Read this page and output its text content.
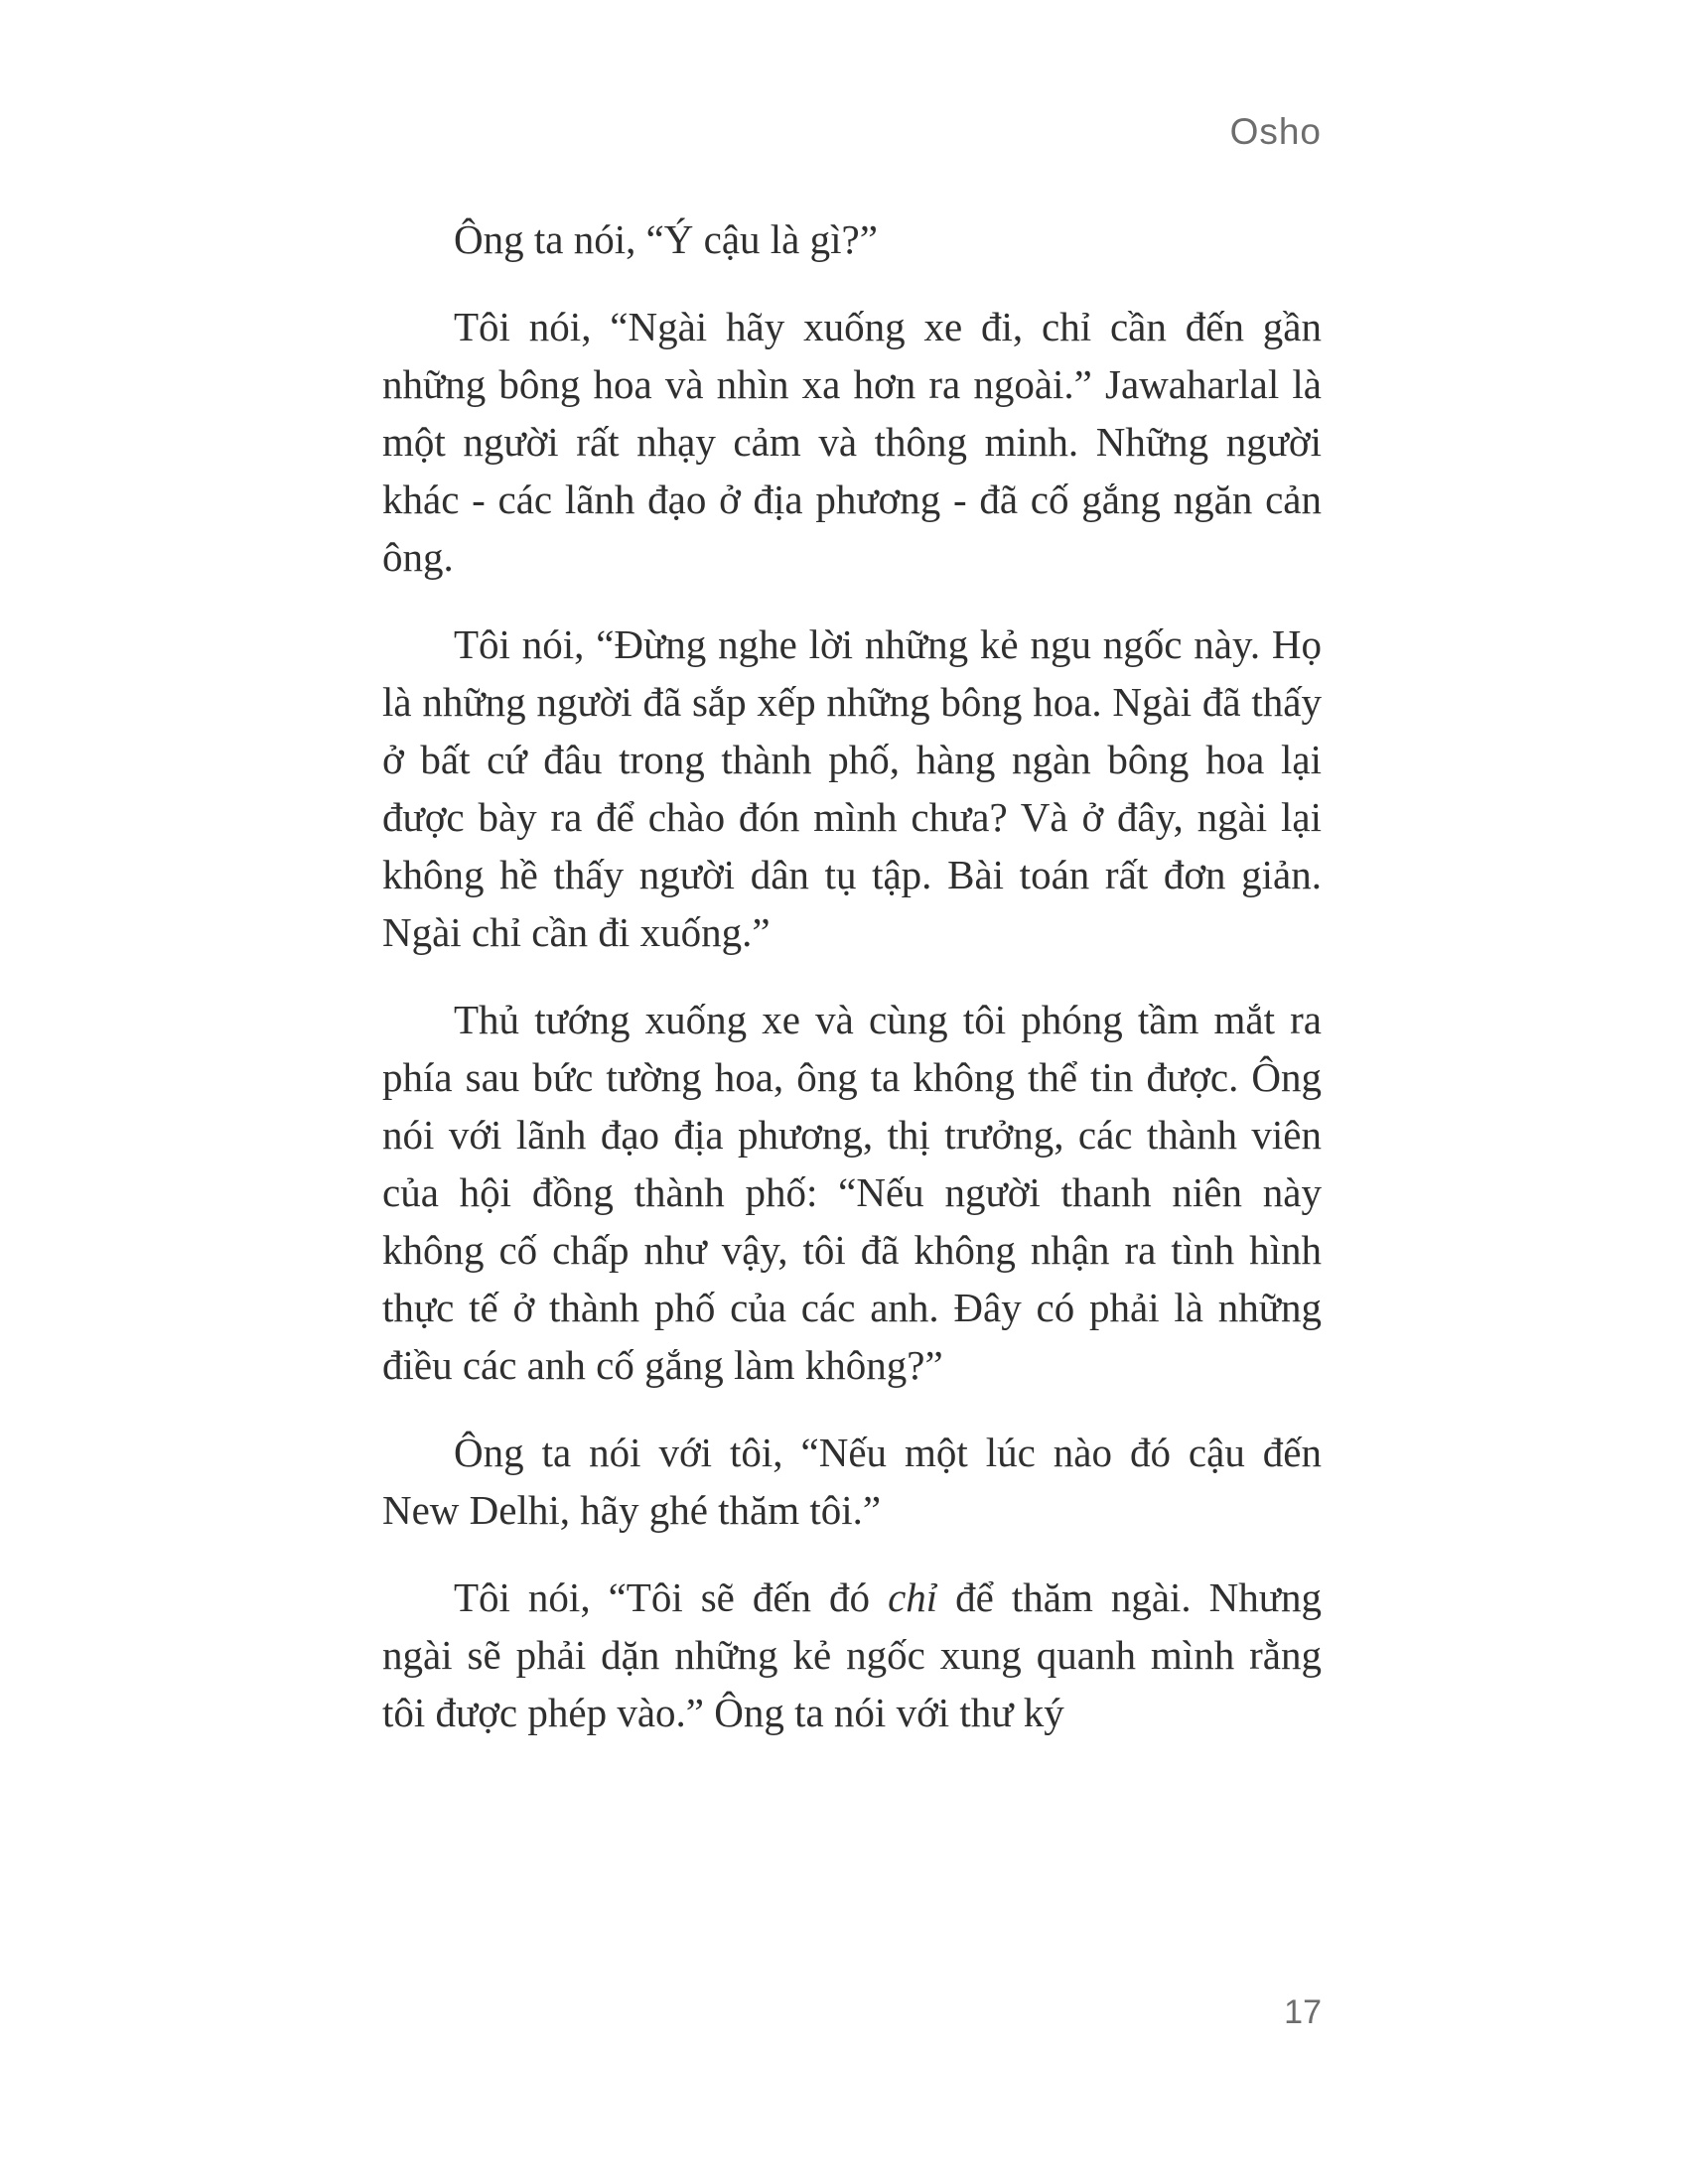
Osho

Ông ta nói, “Ý cậu là gì?”

Tôi nói, “Ngài hãy xuống xe đi, chỉ cần đến gần những bông hoa và nhìn xa hơn ra ngoài.” Jawaharlal là một người rất nhạy cảm và thông minh. Những người khác - các lãnh đạo ở địa phương - đã cố gắng ngăn cản ông.

Tôi nói, “Đừng nghe lời những kẻ ngu ngốc này. Họ là những người đã sắp xếp những bông hoa. Ngài đã thấy ở bất cứ đâu trong thành phố, hàng ngàn bông hoa lại được bày ra để chào đón mình chưa? Và ở đây, ngài lại không hề thấy người dân tụ tập. Bài toán rất đơn giản. Ngài chỉ cần đi xuống.”

Thủ tướng xuống xe và cùng tôi phóng tầm mắt ra phía sau bức tường hoa, ông ta không thể tin được. Ông nói với lãnh đạo địa phương, thị trưởng, các thành viên của hội đồng thành phố: “Nếu người thanh niên này không cố chấp như vậy, tôi đã không nhận ra tình hình thực tế ở thành phố của các anh. Đây có phải là những điều các anh cố gắng làm không?”

Ông ta nói với tôi, “Nếu một lúc nào đó cậu đến New Delhi, hãy ghé thăm tôi.”

Tôi nói, “Tôi sẽ đến đó chỉ để thăm ngài. Nhưng ngài sẽ phải dặn những kẻ ngốc xung quanh mình rằng tôi được phép vào.” Ông ta nói với thư ký

17
